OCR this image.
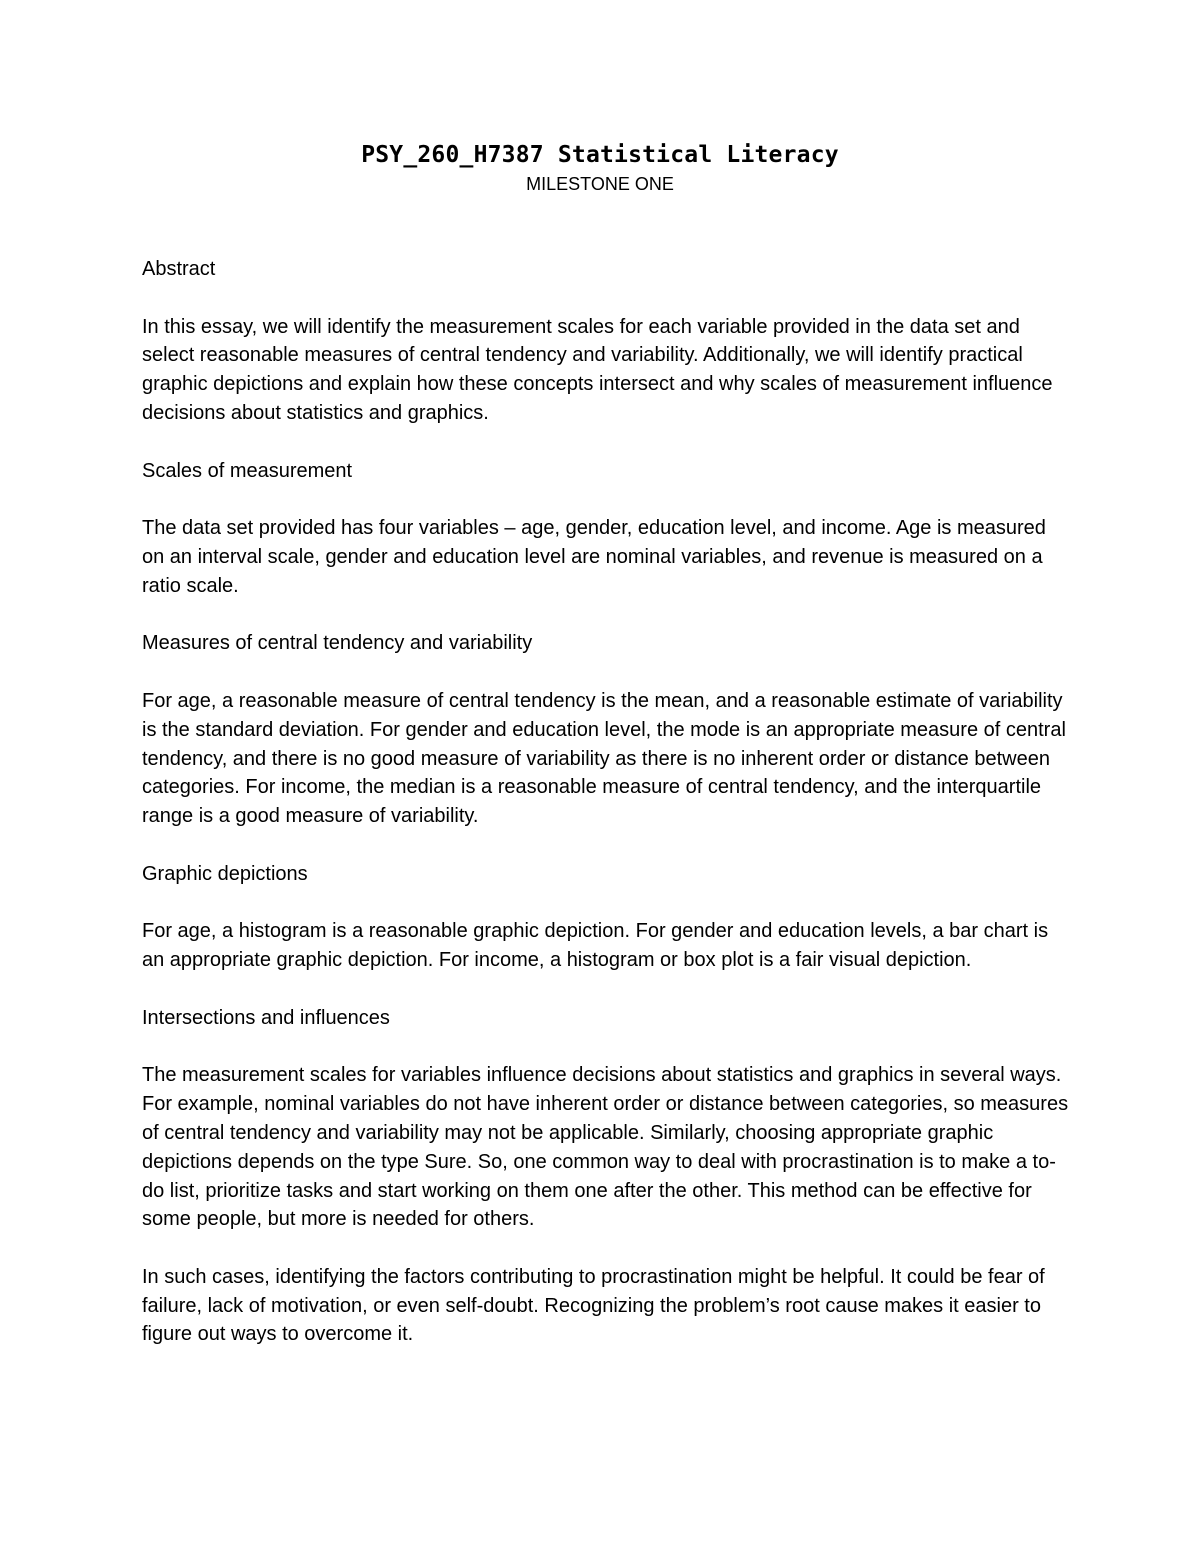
PSY_260_H7387 Statistical Literacy
MILESTONE ONE
Abstract

In this essay, we will identify the measurement scales for each variable provided in the data set and select reasonable measures of central tendency and variability. Additionally, we will identify practical graphic depictions and explain how these concepts intersect and why scales of measurement influence decisions about statistics and graphics.

Scales of measurement

The data set provided has four variables – age, gender, education level, and income. Age is measured on an interval scale, gender and education level are nominal variables, and revenue is measured on a ratio scale.

Measures of central tendency and variability

For age, a reasonable measure of central tendency is the mean, and a reasonable estimate of variability is the standard deviation. For gender and education level, the mode is an appropriate measure of central tendency, and there is no good measure of variability as there is no inherent order or distance between categories. For income, the median is a reasonable measure of central tendency, and the interquartile range is a good measure of variability.

Graphic depictions

For age, a histogram is a reasonable graphic depiction. For gender and education levels, a bar chart is an appropriate graphic depiction. For income, a histogram or box plot is a fair visual depiction.

Intersections and influences

The measurement scales for variables influence decisions about statistics and graphics in several ways. For example, nominal variables do not have inherent order or distance between categories, so measures of central tendency and variability may not be applicable. Similarly, choosing appropriate graphic depictions depends on the type Sure. So, one common way to deal with procrastination is to make a to-do list, prioritize tasks and start working on them one after the other. This method can be effective for some people, but more is needed for others.

In such cases, identifying the factors contributing to procrastination might be helpful. It could be fear of failure, lack of motivation, or even self-doubt. Recognizing the problem’s root cause makes it easier to figure out ways to overcome it.
